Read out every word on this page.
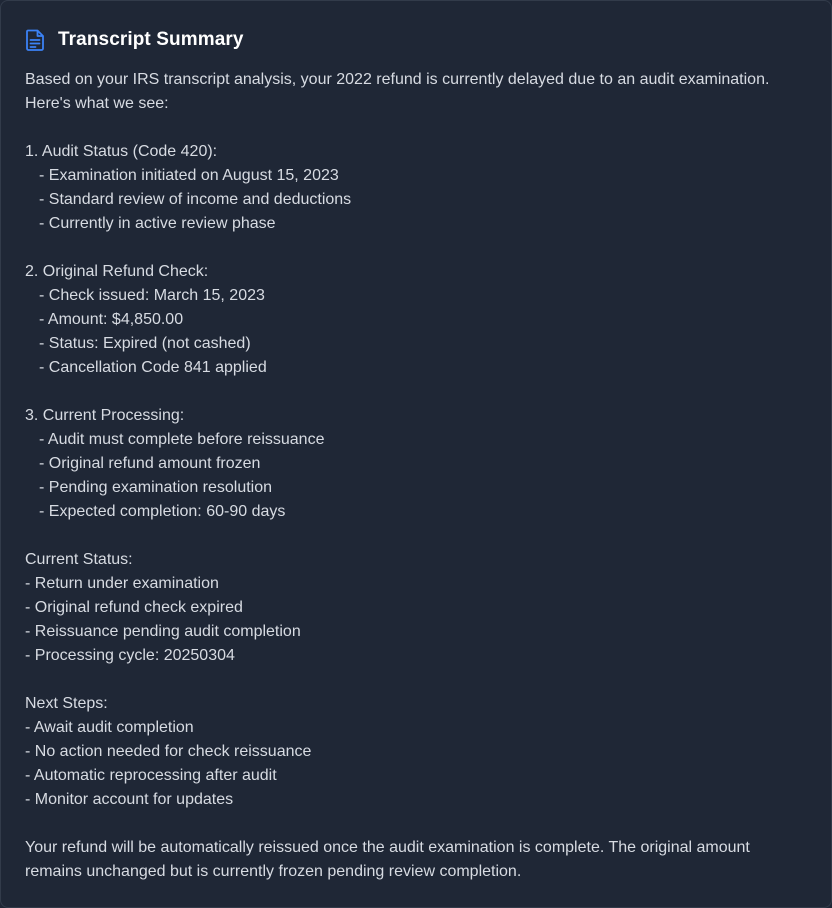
Transcript Summary
Based on your IRS transcript analysis, your 2022 refund is currently delayed due to an audit examination.
Here's what we see:
1. Audit Status (Code 420):
- Examination initiated on August 15, 2023
- Standard review of income and deductions
- Currently in active review phase
2. Original Refund Check:
- Check issued: March 15, 2023
- Amount: $4,850.00
- Status: Expired (not cashed)
- Cancellation Code 841 applied
3. Current Processing:
- Audit must complete before reissuance
- Original refund amount frozen
- Pending examination resolution
- Expected completion: 60-90 days
Current Status:
- Return under examination
- Original refund check expired
- Reissuance pending audit completion
- Processing cycle: 20250304
Next Steps:
- Await audit completion
- No action needed for check reissuance
- Automatic reprocessing after audit
- Monitor account for updates
Your refund will be automatically reissued once the audit examination is complete. The original amount
remains unchanged but is currently frozen pending review completion.
